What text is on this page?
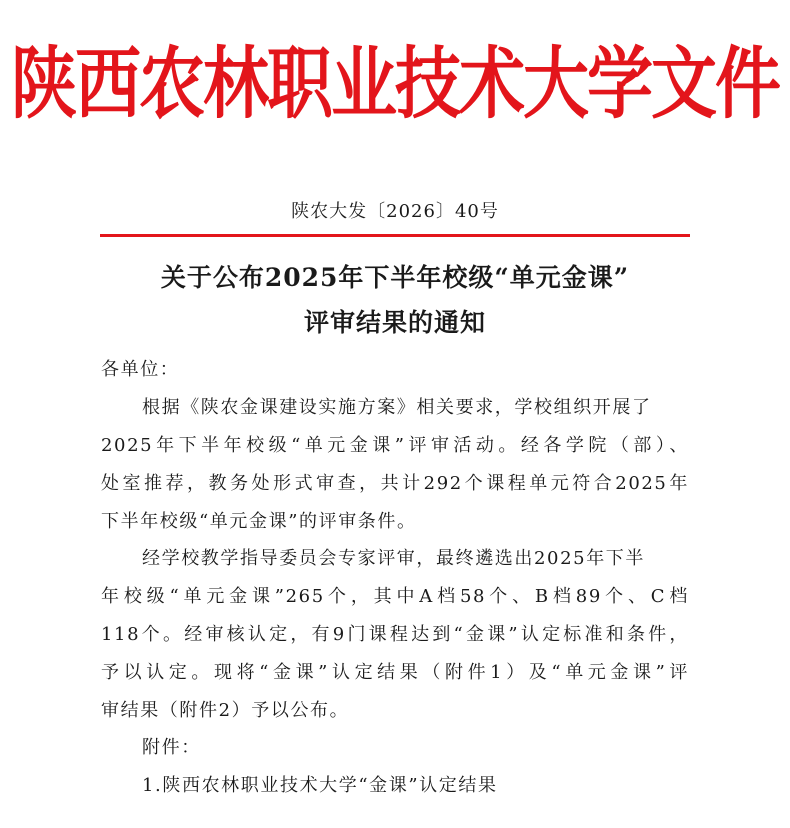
陕西农林职业技术大学文件
陕农大发〔2026〕40号
关于公布2025年下半年校级“单元金课”
评审结果的通知
各单位：
根据《陕农金课建设实施方案》相关要求，学校组织开展了
2025年下半年校级“单元金课”评审活动。经各学院（部）、
处室推荐，教务处形式审查，共计292个课程单元符合2025年
下半年校级“单元金课”的评审条件。
经学校教学指导委员会专家评审，最终遴选出2025年下半
年校级“单元金课”265个，其中A档58个、B档89个、C档
118个。经审核认定，有9门课程达到“金课”认定标准和条件，
予以认定。现将“金课”认定结果（附件1）及“单元金课”评
审结果（附件2）予以公布。
附件：
1.陕西农林职业技术大学“金课”认定结果
